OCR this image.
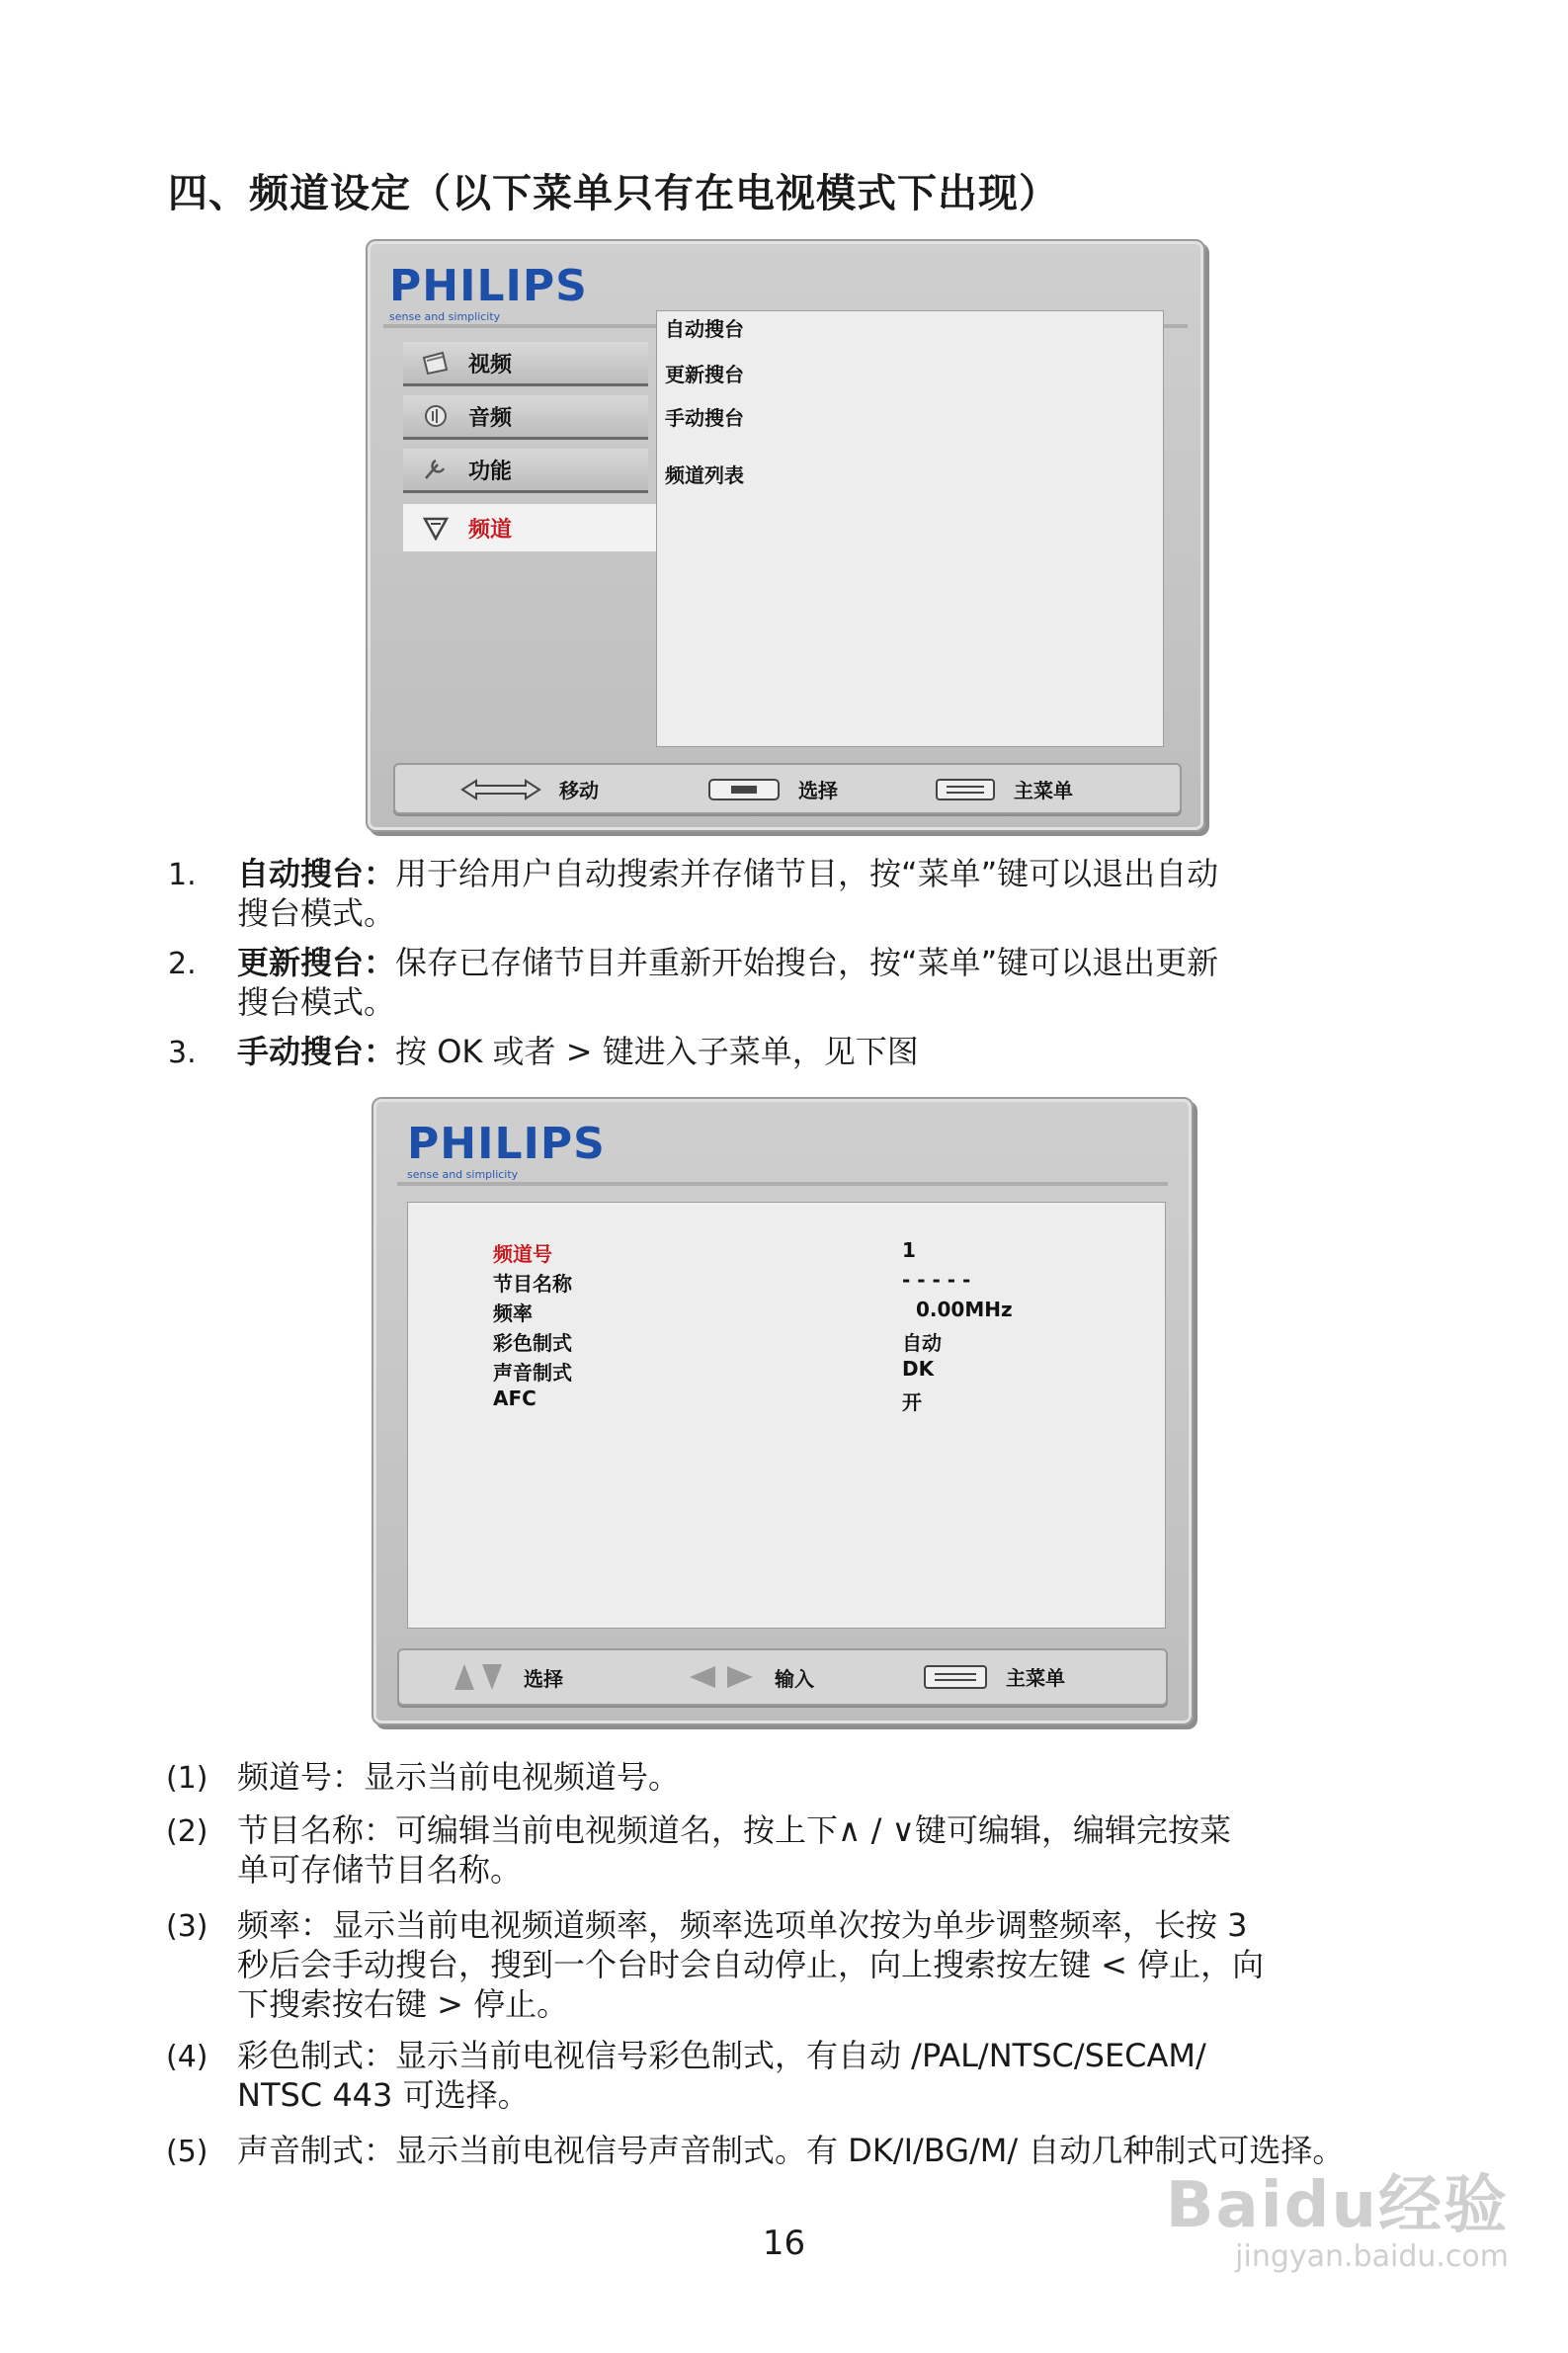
四、频道设定（以下菜单只有在电视模式下出现）
PHILIPS
sense and simplicity
视频
音频
功能
频道
自动搜台
更新搜台
手动搜台
频道列表
移动	选择	主菜单
1. 自动搜台：用于给用户自动搜索并存储节目，按“菜单”键可以退出自动
搜台模式。
2. 更新搜台：保存已存储节目并重新开始搜台，按“菜单”键可以退出更新
搜台模式。
3. 手动搜台：按 OK 或者 > 键进入子菜单，见下图
PHILIPS
sense and simplicity
频道号	1
节目名称	- - - - -
频率	0.00MHz
彩色制式	自动
声音制式	DK
AFC	开
选择	输入	主菜单
(1) 频道号：显示当前电视频道号。
(2) 节目名称：可编辑当前电视频道名，按上下∧ / ∨键可编辑，编辑完按菜
单可存储节目名称。
(3) 频率：显示当前电视频道频率，频率选项单次按为单步调整频率，长按 3
秒后会手动搜台，搜到一个台时会自动停止，向上搜索按左键 < 停止，向
下搜索按右键 > 停止。
(4) 彩色制式：显示当前电视信号彩色制式，有自动 /PAL/NTSC/SECAM/
NTSC 443 可选择。
(5) 声音制式：显示当前电视信号声音制式。有 DK/I/BG/M/ 自动几种制式可选择。
16
Baidu经验
jingyan.baidu.com
